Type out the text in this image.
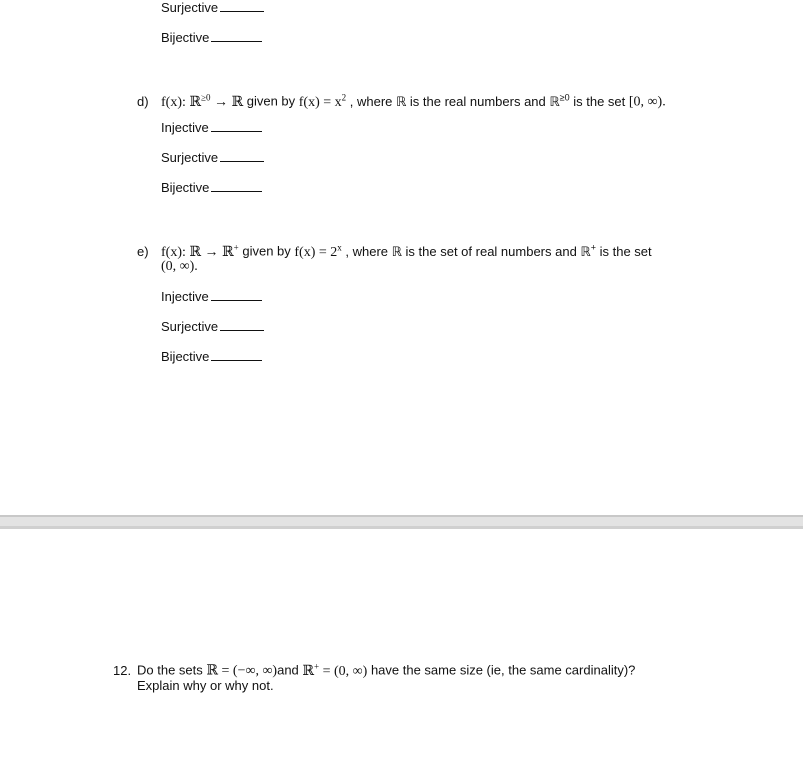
Surjective
Bijective
d) f(x): ℝ$^{\ge 0}$ → ℝ given by $f(x) = x^2$ , where ℝ is the real numbers and ℝ$^{\ge 0}$ is the set [0, ∞).
Injective
Surjective
Bijective
e) f(x): ℝ → ℝ+ given by $f(x) = 2^x$ , where ℝ is the set of real numbers and ℝ+ is the set
(0, ∞).
Injective
Surjective
Bijective
12. Do the sets ℝ = (−∞, ∞)and ℝ+ = (0, ∞) have the same size (ie, the same cardinality)?
Explain why or why not.
